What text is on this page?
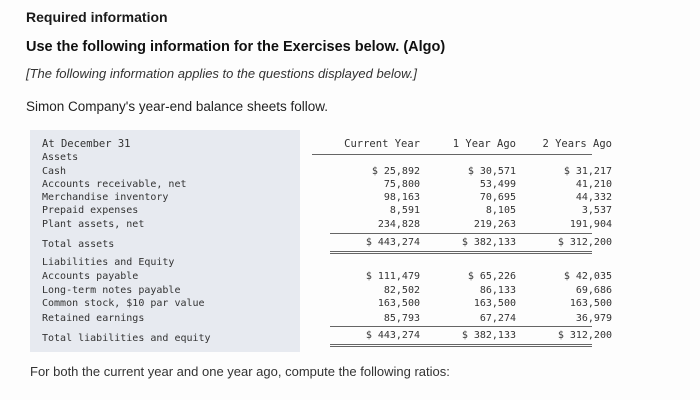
Required information
Use the following information for the Exercises below. (Algo)
[The following information applies to the questions displayed below.]
Simon Company's year-end balance sheets follow.
At December 31	Current Year	1 Year Ago	2 Years Ago
Assets
Cash	$ 25,892	$ 30,571	$ 31,217
Accounts receivable, net	75,800	53,499	41,210
Merchandise inventory	98,163	70,695	44,332
Prepaid expenses	8,591	8,105	3,537
Plant assets, net	234,828	219,263	191,904
Total assets	$ 443,274	$ 382,133	$ 312,200
Liabilities and Equity
Accounts payable	$ 111,479	$ 65,226	$ 42,035
Long-term notes payable	82,502	86,133	69,686
Common stock, $10 par value	163,500	163,500	163,500
Retained earnings	85,793	67,274	36,979
Total liabilities and equity	$ 443,274	$ 382,133	$ 312,200
For both the current year and one year ago, compute the following ratios:
